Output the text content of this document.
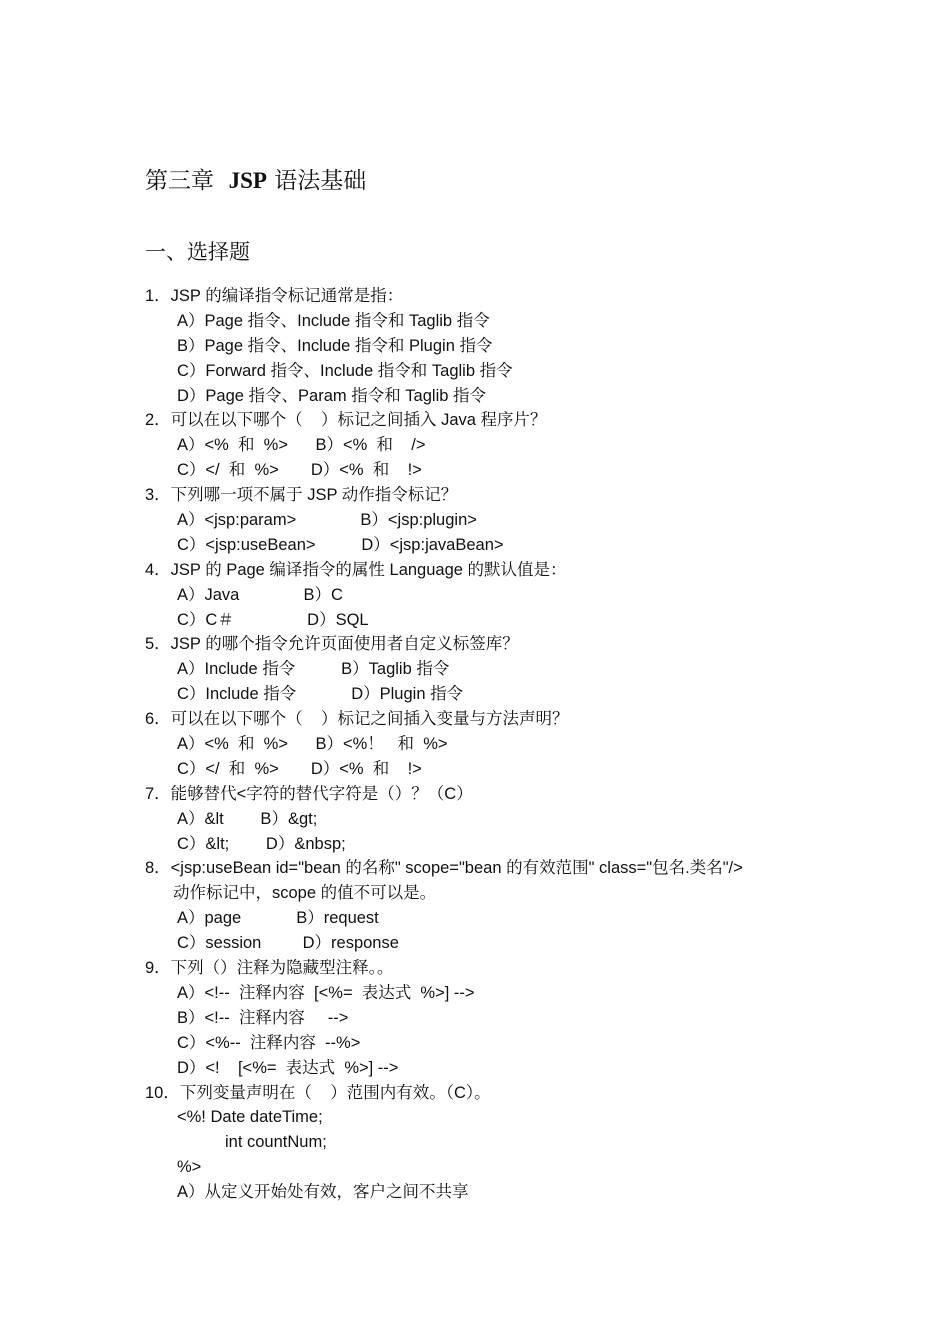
第三章  JSP 语法基础
一、选择题
1．JSP 的编译指令标记通常是指：
A）Page 指令、Include 指令和 Taglib 指令
B）Page 指令、Include 指令和 Plugin 指令
C）Forward 指令、Include 指令和 Taglib 指令
D）Page 指令、Param 指令和 Taglib 指令
2．可以在以下哪个（    ）标记之间插入 Java 程序片？
A）<%  和  %>      B）<%  和    />
C）</  和  %>       D）<%  和    !>
3．下列哪一项不属于 JSP 动作指令标记？
A）<jsp:param>              B）<jsp:plugin>
C）<jsp:useBean>          D）<jsp:javaBean>
4．JSP 的 Page 编译指令的属性 Language 的默认值是：
A）Java              B）C
C）C＃                D）SQL
5．JSP 的哪个指令允许页面使用者自定义标签库？
A）Include 指令          B）Taglib 指令
C）Include 指令            D）Plugin 指令
6．可以在以下哪个（    ）标记之间插入变量与方法声明？
A）<%  和  %>      B）<%！   和  %>
C）</  和  %>       D）<%  和    !>
7．能够替代<字符的替代字符是（）？（C）
A）&lt        B）&gt;
C）&lt;        D）&nbsp;
8．<jsp:useBean id="bean 的名称" scope="bean 的有效范围" class="包名.类名"/>
动作标记中，scope 的值不可以是。
A）page            B）request
C）session         D）response
9．下列（）注释为隐藏型注释。。
A）<!--  注释内容  [<%=  表达式  %>] -->
B）<!--  注释内容     -->
C）<%--  注释内容  --%>
D）<!    [<%=  表达式  %>] -->
10．下列变量声明在（    ）范围内有效。（C）。
<%! Date dateTime;
int countNum;
%>
A）从定义开始处有效，客户之间不共享
